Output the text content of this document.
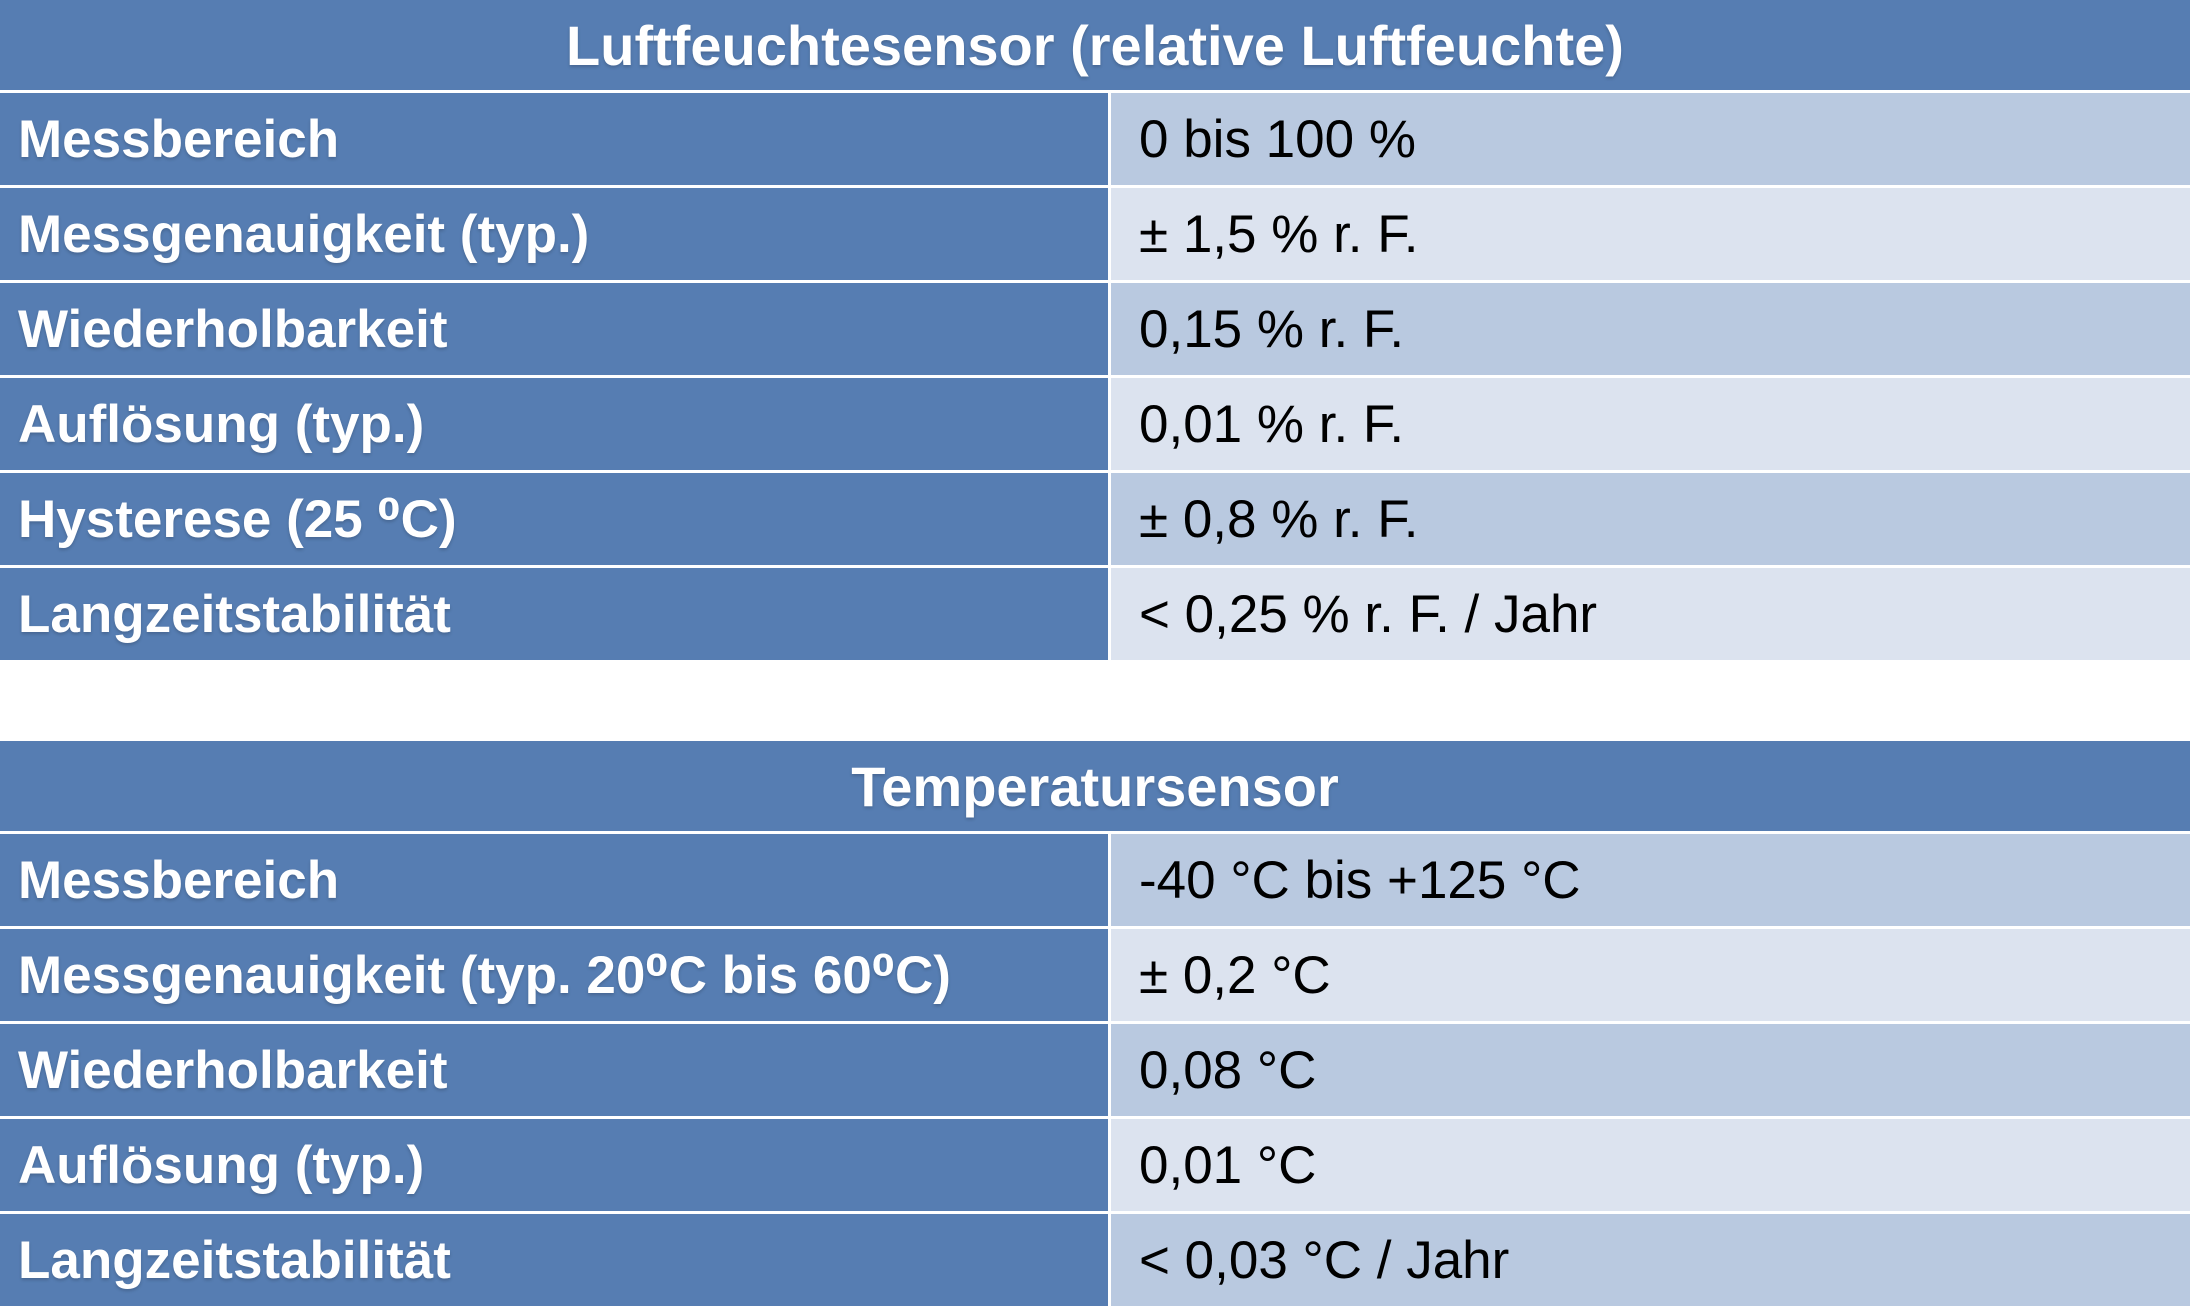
Luftfeuchtesensor (relative Luftfeuchte)
Messbereich	0 bis 100 %
Messgenauigkeit (typ.)	± 1,5 % r. F.
Wiederholbarkeit	0,15 % r. F.
Auflösung (typ.)	0,01 % r. F.
Hysterese (25 ⁰C)	± 0,8 % r. F.
Langzeitstabilität	< 0,25 % r. F. / Jahr
Temperatursensor
Messbereich	-40 °C bis +125 °C
Messgenauigkeit (typ. 20⁰C bis 60⁰C)	± 0,2 °C
Wiederholbarkeit	0,08 °C
Auflösung (typ.)	0,01 °C
Langzeitstabilität	< 0,03 °C / Jahr
